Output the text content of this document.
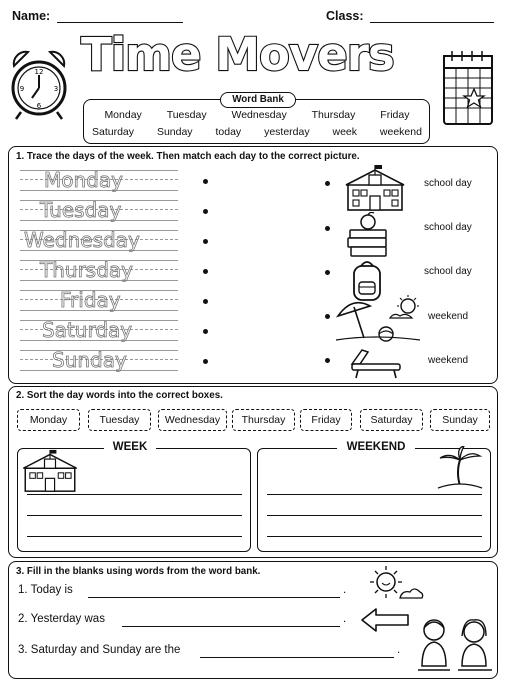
Name:	Class:
12
3
6
9
Time Movers
Word Bank
Monday Tuesday Wednesday Thursday Friday
Saturday Sunday today yesterday week weekend
1. Trace the days of the week. Then match each day to the correct picture.
Monday
Tuesday
Wednesday
Thursday
Friday
Saturday
Sunday
school day
school day
school day
weekend
weekend
2. Sort the day words into the correct boxes.
Monday	Tuesday	Wednesday	Thursday	Friday	Saturday	Sunday
WEEK	WEEKEND
3. Fill in the blanks using words from the word bank.
1. Today is	.
2. Yesterday was	.
3. Saturday and Sunday are the	.
